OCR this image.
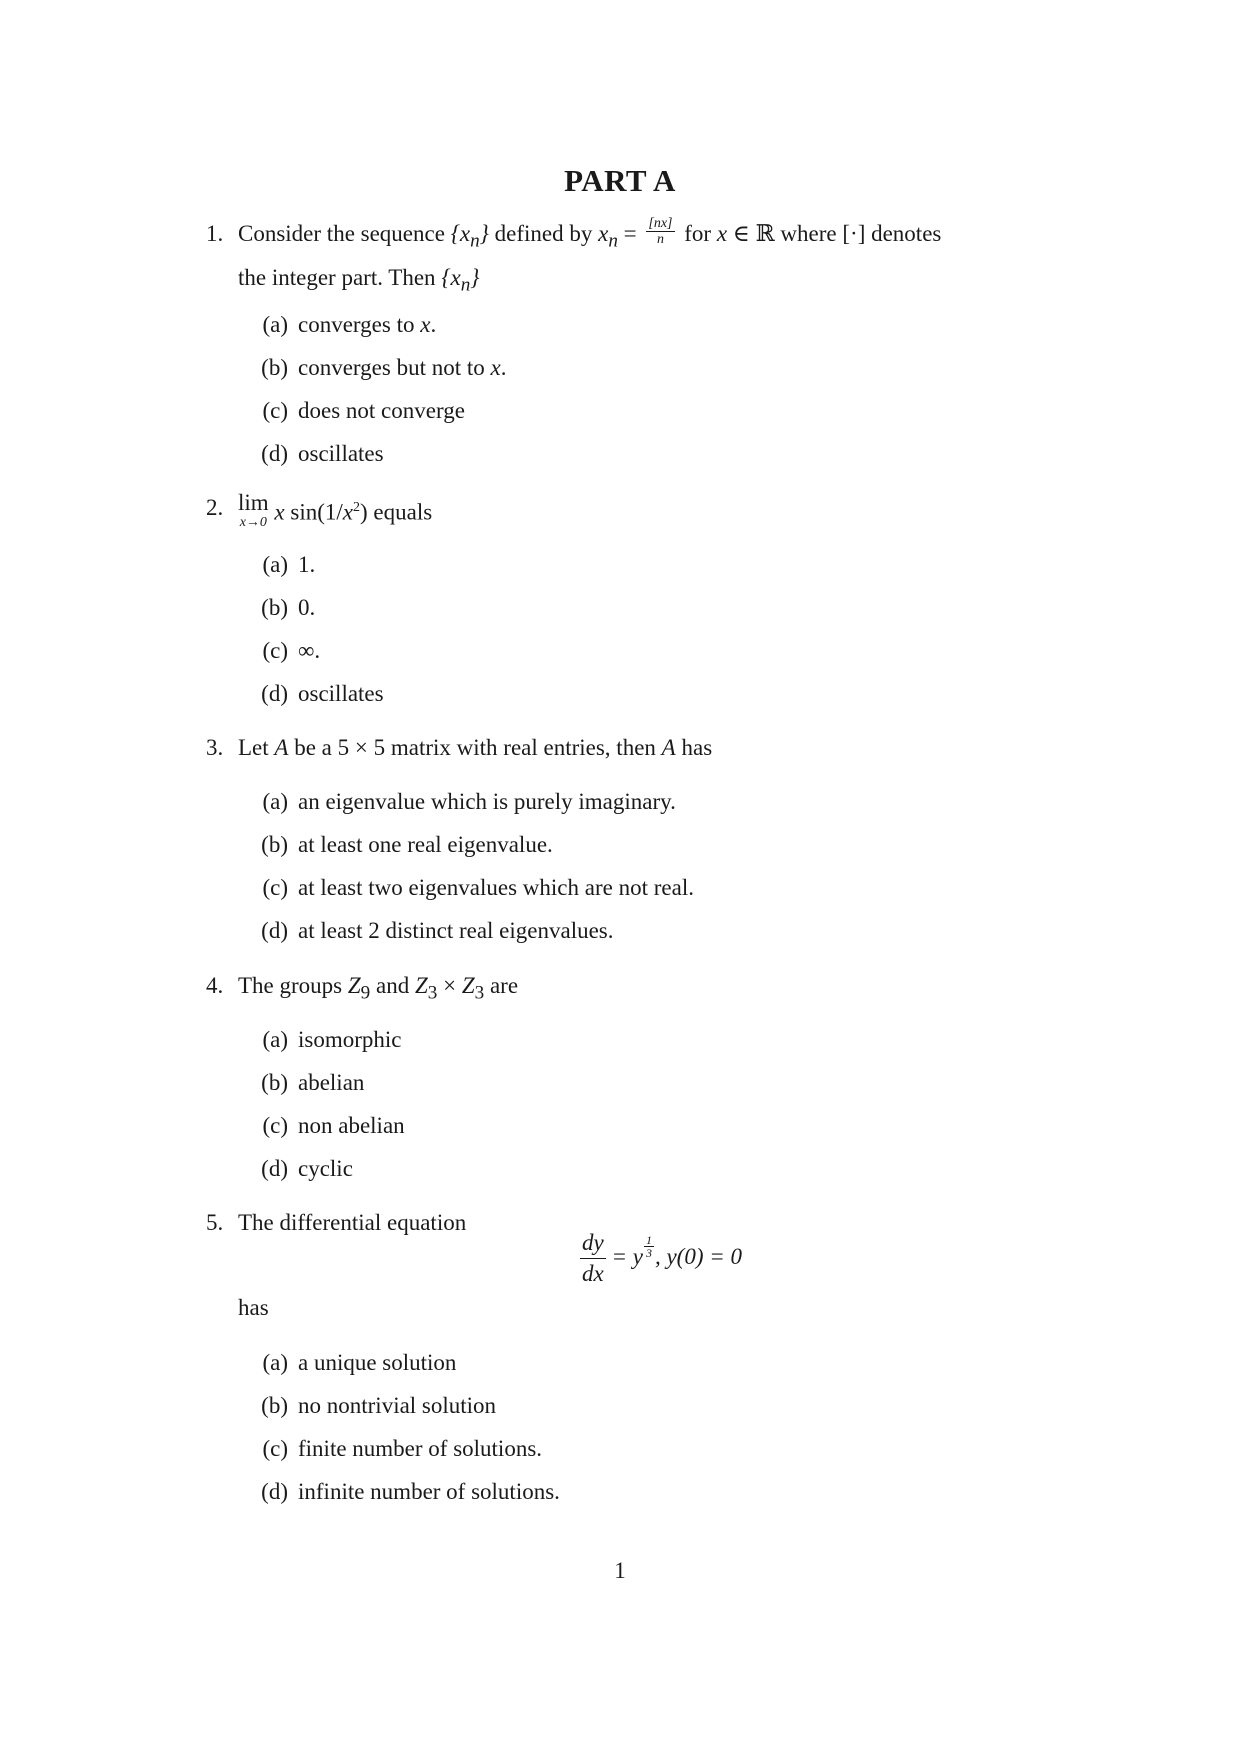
PART A
1. Consider the sequence $\{x_n\}$ defined by $x_n = \frac{[nx]}{n}$ for x ∈ ℝ where [·] denotes
the integer part. Then $\{x_n\}$
(a) converges to x.
(b) converges but not to x.
(c) does not converge
(d) oscillates
2. lim
x→0 x $\sin(1/x^2)$ equals
(a) 1.
(b) 0.
(c) ∞.
(d) oscillates
3. Let A be a 5 × 5 matrix with real entries, then A has
(a) an eigenvalue which is purely imaginary.
(b) at least one real eigenvalue.
(c) at least two eigenvalues which are not real.
(d) at least 2 distinct real eigenvalues.
4. The groups $Z_9$ and $Z_3 \times Z_3$ are
(a) isomorphic
(b) abelian
(c) non abelian
(d) cyclic
5. The differential equation
$\frac{dy}{dx} = y \frac{1}{3}$ , y(0) = 0
has
(a) a unique solution
(b) no nontrivial solution
(c) finite number of solutions.
(d) infinite number of solutions.
1
